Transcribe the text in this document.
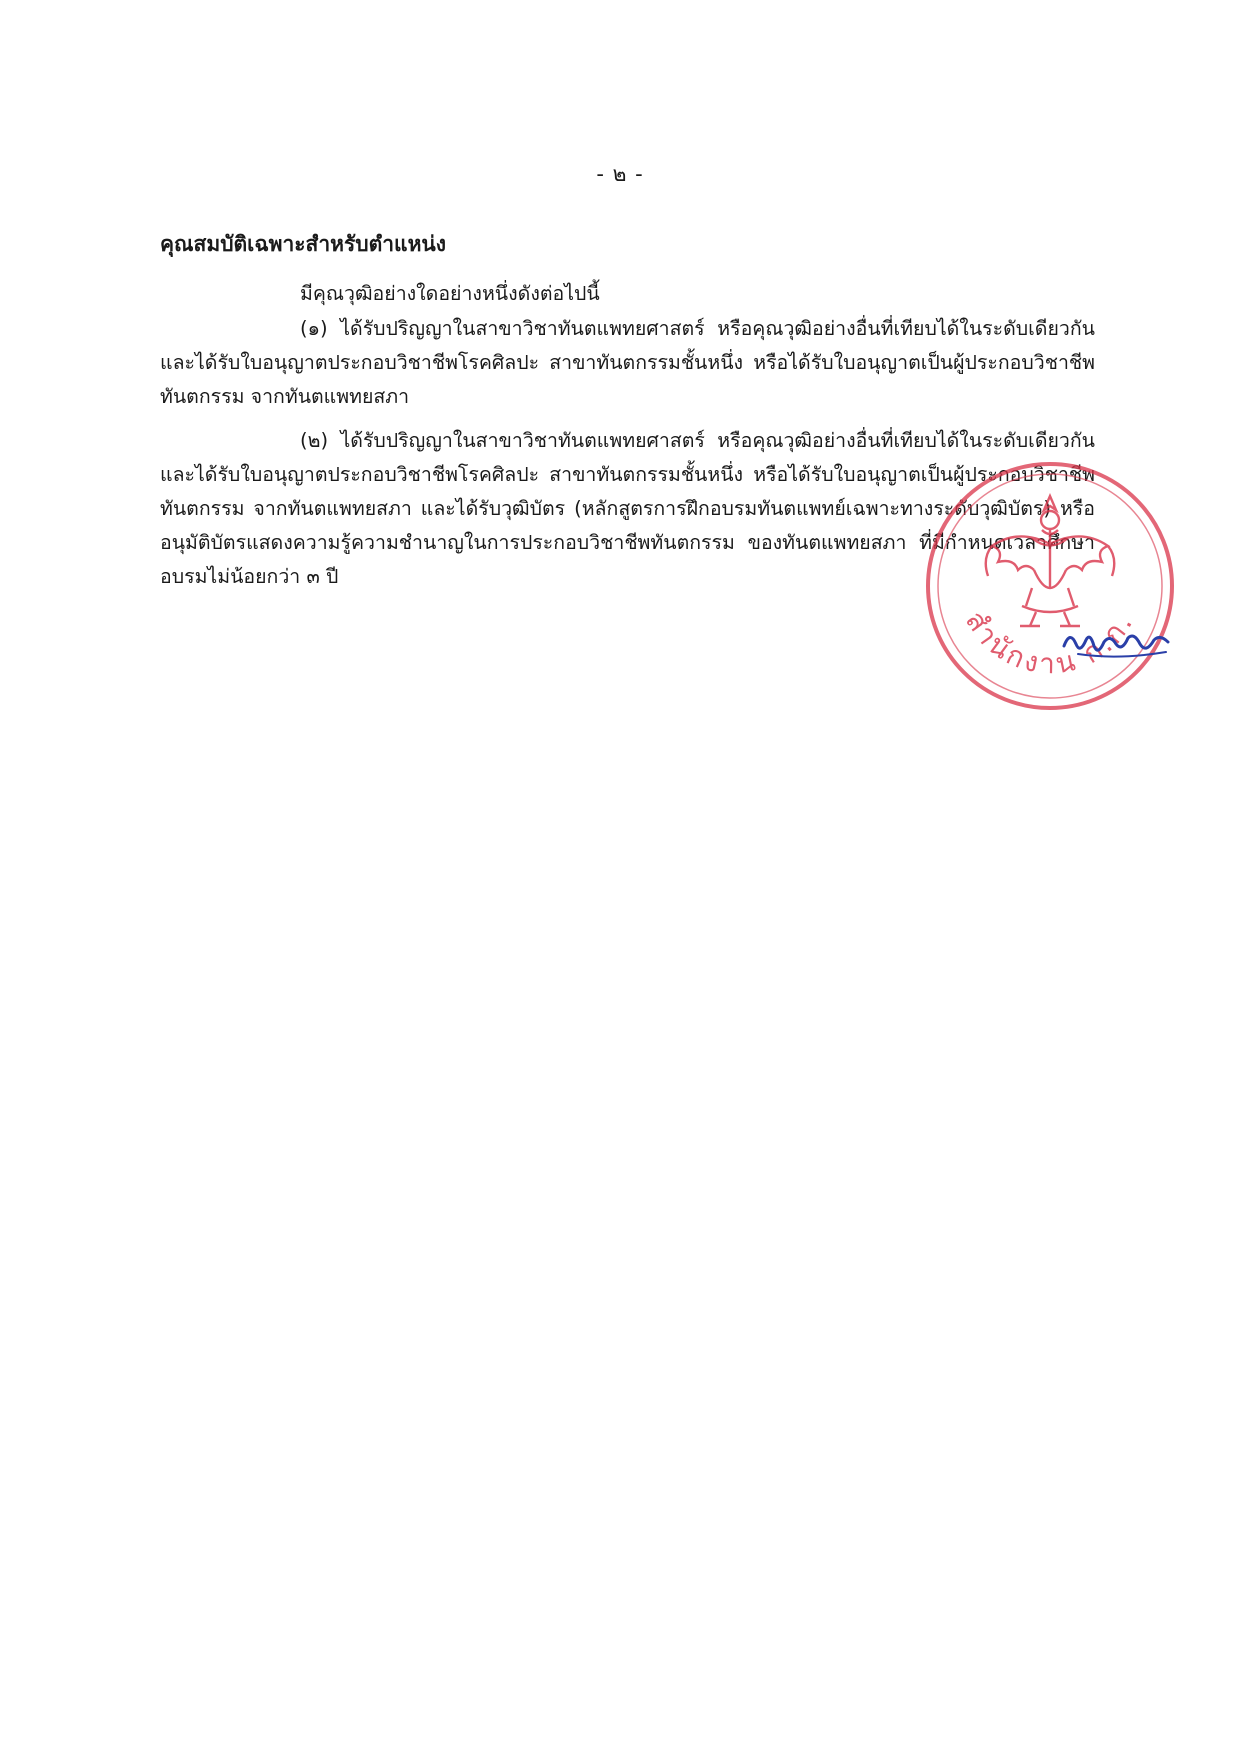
- ๒ -
คุณสมบัติเฉพาะสำหรับตำแหน่ง

มีคุณวุฒิอย่างใดอย่างหนึ่งดังต่อไปนี้

(๑) ได้รับปริญญาในสาขาวิชาทันตแพทยศาสตร์ หรือคุณวุฒิอย่างอื่นที่เทียบได้ในระดับเดียวกัน และได้รับใบอนุญาตประกอบวิชาชีพโรคศิลปะ สาขาทันตกรรมชั้นหนึ่ง หรือได้รับใบอนุญาตเป็นผู้ประกอบวิชาชีพทันตกรรม จากทันตแพทยสภา

(๒) ได้รับปริญญาในสาขาวิชาทันตแพทยศาสตร์ หรือคุณวุฒิอย่างอื่นที่เทียบได้ในระดับเดียวกัน และได้รับใบอนุญาตประกอบวิชาชีพโรคศิลปะ สาขาทันตกรรมชั้นหนึ่ง หรือได้รับใบอนุญาตเป็นผู้ประกอบวิชาชีพทันตกรรม จากทันตแพทยสภา และได้รับวุฒิบัตร (หลักสูตรการฝึกอบรมทันตแพทย์เฉพาะทางระดับวุฒิบัตร) หรืออนุมัติบัตรแสดงความรู้ความชำนาญในการประกอบวิชาชีพทันตกรรม ของทันตแพทยสภา ที่มีกำหนดเวลาศึกษาอบรมไม่น้อยกว่า ๓ ปี

สำนักงาน ก.ก.
